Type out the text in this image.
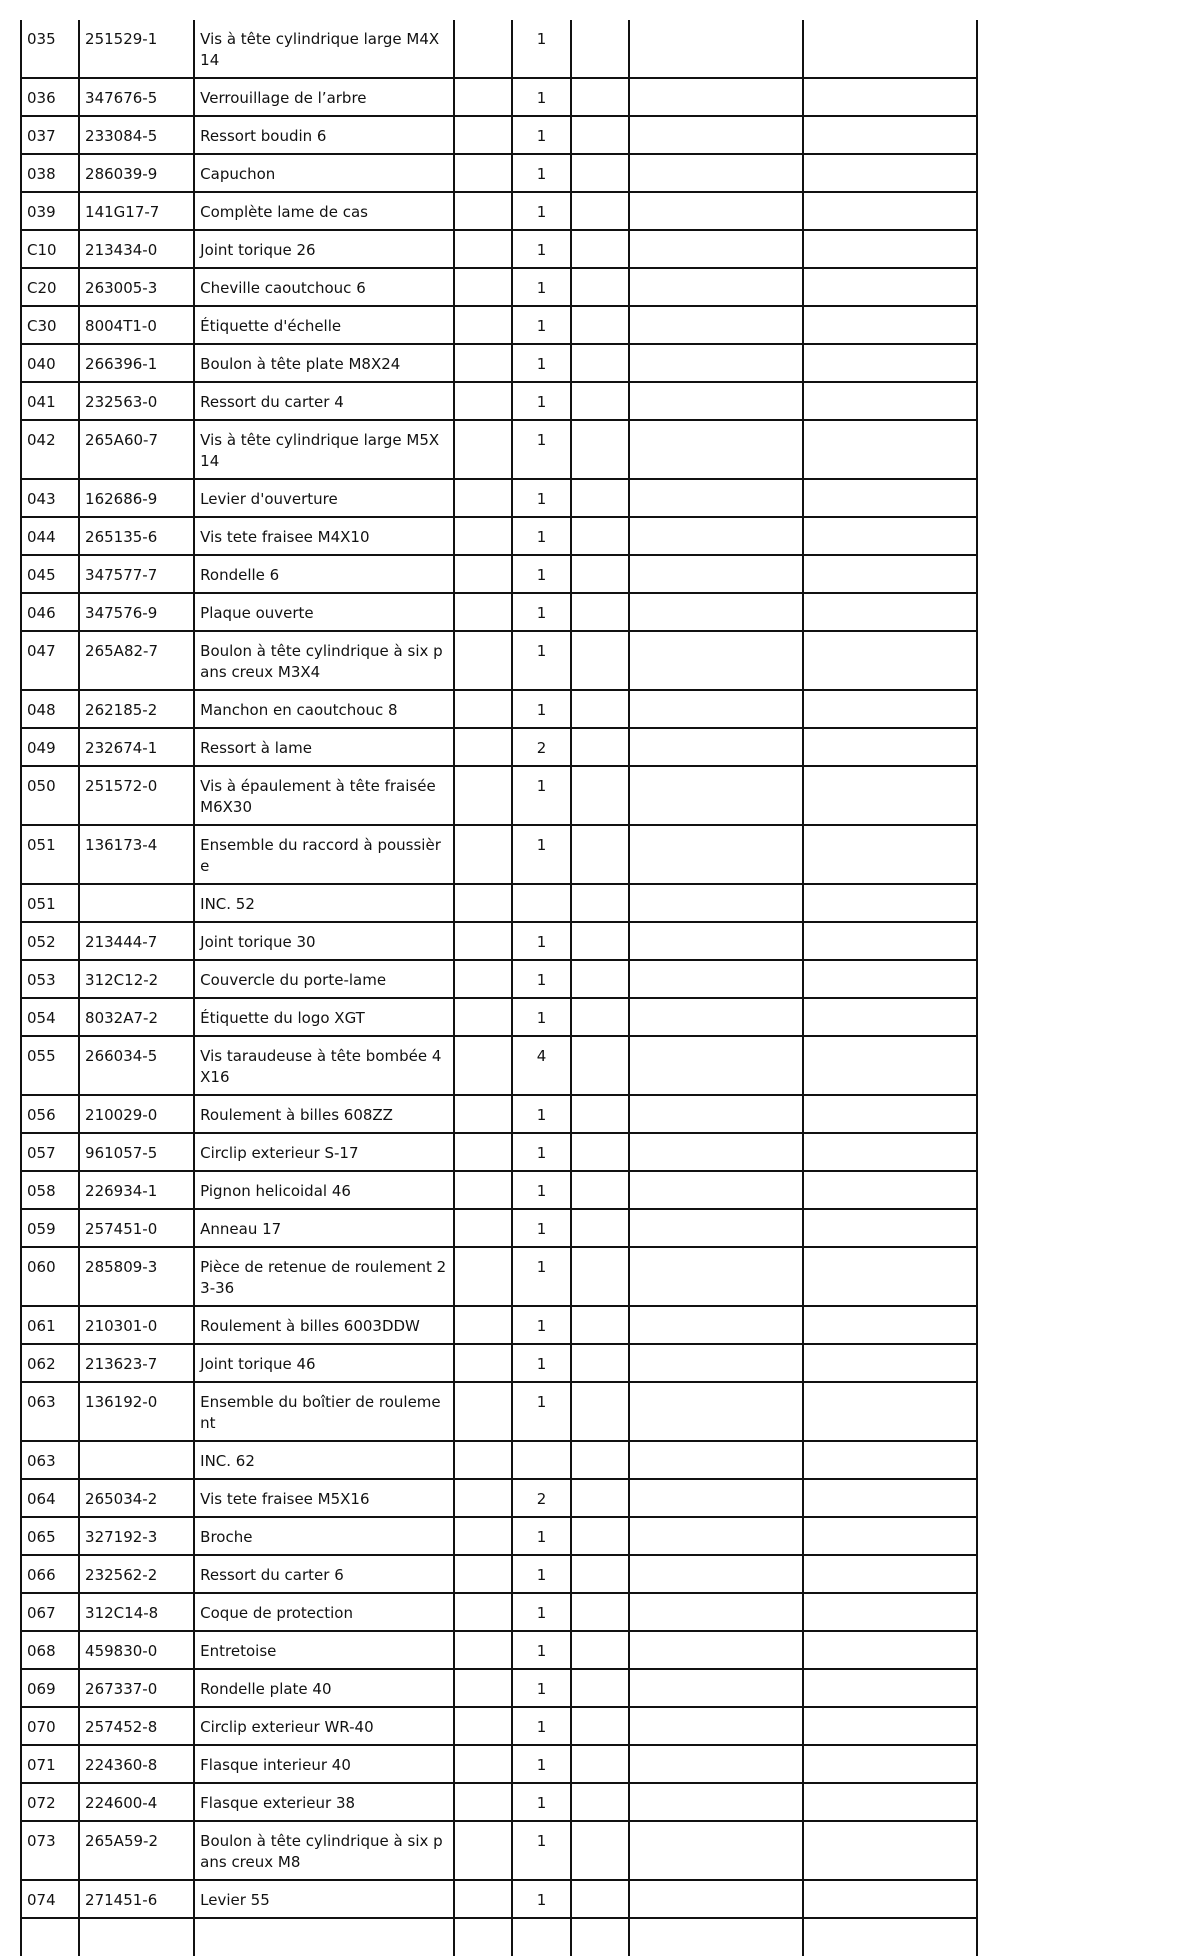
035	251529-1	Vis à tête cylindrique large M4X14		1			
036	347676-5	Verrouillage de l’arbre		1			
037	233084-5	Ressort boudin 6		1			
038	286039-9	Capuchon		1			
039	141G17-7	Complète lame de cas		1			
C10	213434-0	Joint torique 26		1			
C20	263005-3	Cheville caoutchouc 6		1			
C30	8004T1-0	Étiquette d'échelle		1			
040	266396-1	Boulon à tête plate M8X24		1			
041	232563-0	Ressort du carter 4		1			
042	265A60-7	Vis à tête cylindrique large M5X14		1			
043	162686-9	Levier d'ouverture		1			
044	265135-6	Vis tete fraisee M4X10		1			
045	347577-7	Rondelle 6		1			
046	347576-9	Plaque ouverte		1			
047	265A82-7	Boulon à tête cylindrique à six pans creux M3X4		1			
048	262185-2	Manchon en caoutchouc 8		1			
049	232674-1	Ressort à lame		2			
050	251572-0	Vis à épaulement à tête fraisée M6X30		1			
051	136173-4	Ensemble du raccord à poussière		1			
051		INC. 52					
052	213444-7	Joint torique 30		1			
053	312C12-2	Couvercle du porte-lame		1			
054	8032A7-2	Étiquette du logo XGT		1			
055	266034-5	Vis taraudeuse à tête bombée 4X16		4			
056	210029-0	Roulement à billes 608ZZ		1			
057	961057-5	Circlip exterieur S-17		1			
058	226934-1	Pignon helicoidal 46		1			
059	257451-0	Anneau 17		1			
060	285809-3	Pièce de retenue de roulement 23-36		1			
061	210301-0	Roulement à billes 6003DDW		1			
062	213623-7	Joint torique 46		1			
063	136192-0	Ensemble du boîtier de roulement		1			
063		INC. 62					
064	265034-2	Vis tete fraisee M5X16		2			
065	327192-3	Broche		1			
066	232562-2	Ressort du carter 6		1			
067	312C14-8	Coque de protection		1			
068	459830-0	Entretoise		1			
069	267337-0	Rondelle plate 40		1			
070	257452-8	Circlip exterieur WR-40		1			
071	224360-8	Flasque interieur 40		1			
072	224600-4	Flasque exterieur 38		1			
073	265A59-2	Boulon à tête cylindrique à six pans creux M8		1			
074	271451-6	Levier 55		1			
